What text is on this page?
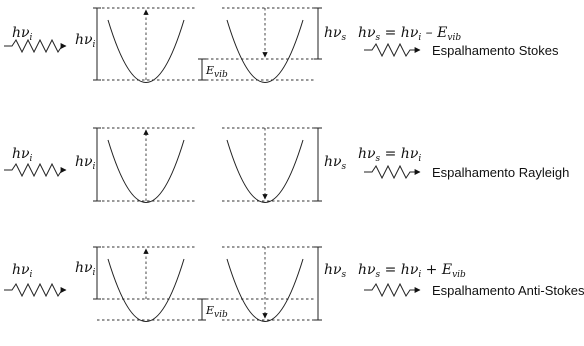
$h\nu_i$	$h\nu_i$
$E_{vib}$
$h\nu_s$ $h\nu_s = h\nu_i - E_{vib}$
Espalhamento Stokes
$h\nu_i$	$h\nu_i$	$h\nu_s$
$h\nu_s = h\nu_i$
Espalhamento Rayleigh
$h\nu_i$	$h\nu_i$
$E_{vib}$
$h\nu_s$ $h\nu_s = h\nu_i + E_{vib}$
Espalhamento Anti-Stokes
